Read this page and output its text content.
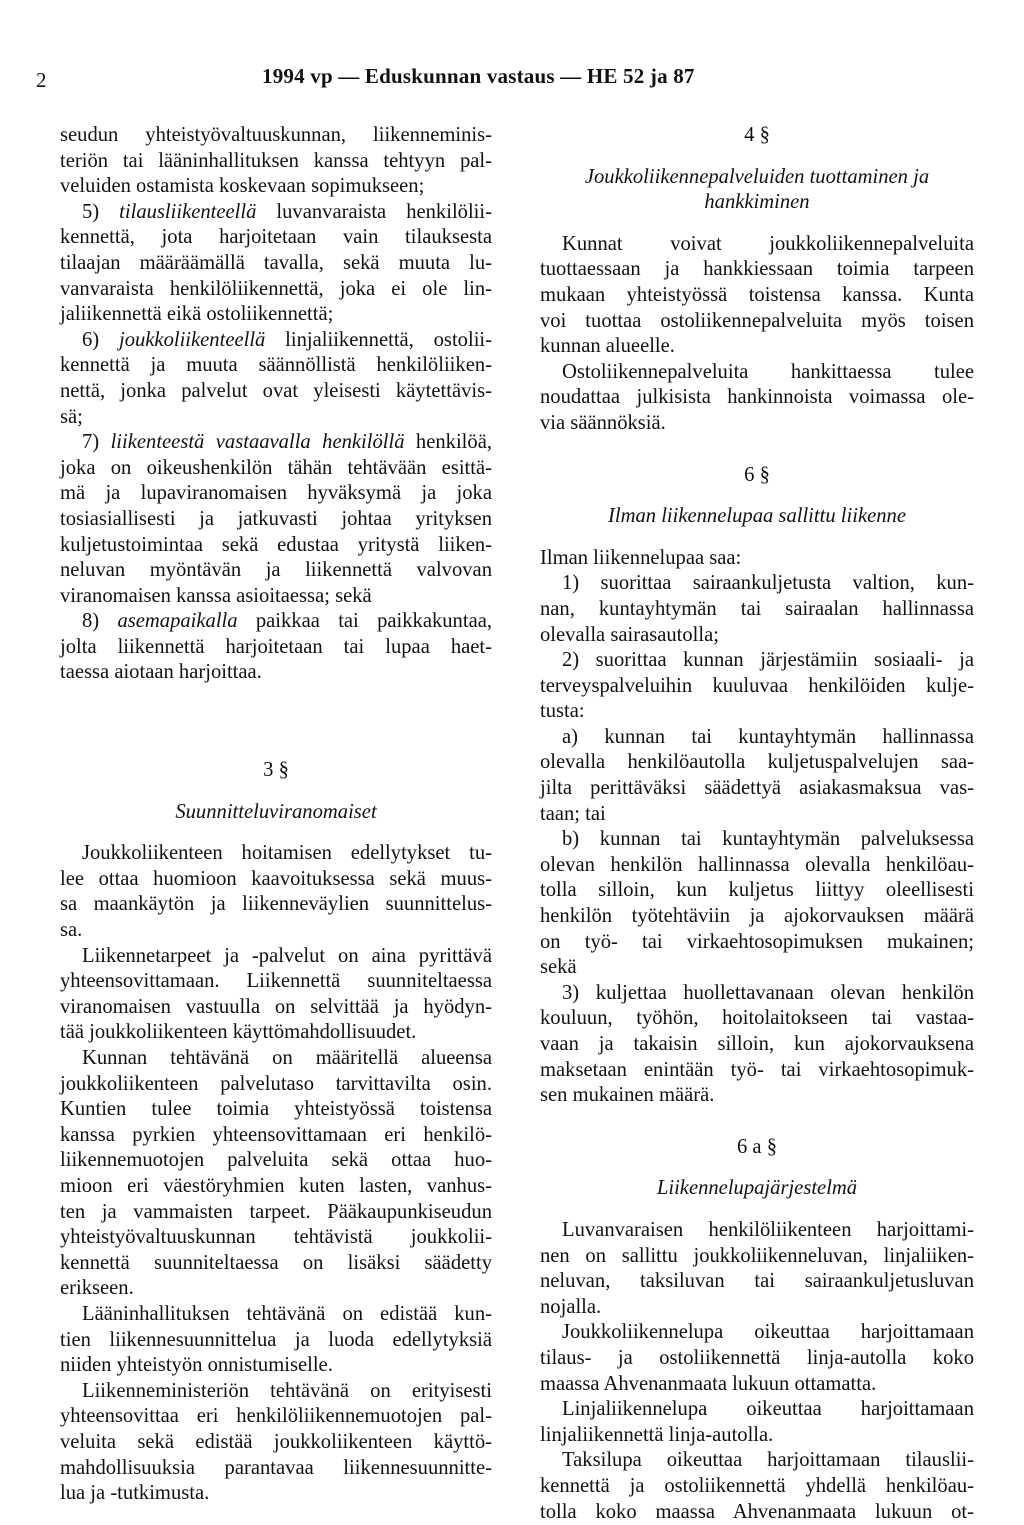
2	1994 vp — Eduskunnan vastaus — HE 52 ja 87
seudun yhteistyövaltuuskunnan, liikenneminis-
teriön tai lääninhallituksen kanssa tehtyyn pal-
veluiden ostamista koskevaan sopimukseen;
5) tilausliikenteellä luvanvaraista henkilölii-
kennettä, jota harjoitetaan vain tilauksesta
tilaajan määräämällä tavalla, sekä muuta lu-
vanvaraista henkilöliikennettä, joka ei ole lin-
jaliikennettä eikä ostoliikennettä;
6) joukkoliikenteellä linjaliikennettä, ostolii-
kennettä ja muuta säännöllistä henkilöliiken-
nettä, jonka palvelut ovat yleisesti käytettävis-
sä;
7) liikenteestä vastaavalla henkilöllä henkilöä,
joka on oikeushenkilön tähän tehtävään esittä-
mä ja lupaviranomaisen hyväksymä ja joka
tosiasiallisesti ja jatkuvasti johtaa yrityksen
kuljetustoimintaa sekä edustaa yritystä liiken-
neluvan myöntävän ja liikennettä valvovan
viranomaisen kanssa asioitaessa; sekä
8) asemapaikalla paikkaa tai paikkakuntaa,
jolta liikennettä harjoitetaan tai lupaa haet-
taessa aiotaan harjoittaa.
3 §
Suunnitteluviranomaiset
Joukkoliikenteen hoitamisen edellytykset tu-
lee ottaa huomioon kaavoituksessa sekä muus-
sa maankäytön ja liikenneväylien suunnittelus-
sa.
Liikennetarpeet ja -palvelut on aina pyrittävä
yhteensovittamaan. Liikennettä suunniteltaessa
viranomaisen vastuulla on selvittää ja hyödyn-
tää joukkoliikenteen käyttömahdollisuudet.
Kunnan tehtävänä on määritellä alueensa
joukkoliikenteen palvelutaso tarvittavilta osin.
Kuntien tulee toimia yhteistyössä toistensa
kanssa pyrkien yhteensovittamaan eri henkilö-
liikennemuotojen palveluita sekä ottaa huo-
mioon eri väestöryhmien kuten lasten, vanhus-
ten ja vammaisten tarpeet. Pääkaupunkiseudun
yhteistyövaltuuskunnan tehtävistä joukkolii-
kennettä suunniteltaessa on lisäksi säädetty
erikseen.
Lääninhallituksen tehtävänä on edistää kun-
tien liikennesuunnittelua ja luoda edellytyksiä
niiden yhteistyön onnistumiselle.
Liikenneministeriön tehtävänä on erityisesti
yhteensovittaa eri henkilöliikennemuotojen pal-
veluita sekä edistää joukkoliikenteen käyttö-
mahdollisuuksia parantavaa liikennesuunnitte-
lua ja -tutkimusta.
4 §
Joukkoliikennepalveluiden tuottaminen ja
hankkiminen
Kunnat voivat joukkoliikennepalveluita
tuottaessaan ja hankkiessaan toimia tarpeen
mukaan yhteistyössä toistensa kanssa. Kunta
voi tuottaa ostoliikennepalveluita myös toisen
kunnan alueelle.
Ostoliikennepalveluita hankittaessa tulee
noudattaa julkisista hankinnoista voimassa ole-
via säännöksiä.
6 §
Ilman liikennelupaa sallittu liikenne
Ilman liikennelupaa saa:
1) suorittaa sairaankuljetusta valtion, kun-
nan, kuntayhtymän tai sairaalan hallinnassa
olevalla sairasautolla;
2) suorittaa kunnan järjestämiin sosiaali- ja
terveyspalveluihin kuuluvaa henkilöiden kulje-
tusta:
a) kunnan tai kuntayhtymän hallinnassa
olevalla henkilöautolla kuljetuspalvelujen saa-
jilta perittäväksi säädettyä asiakasmaksua vas-
taan; tai
b) kunnan tai kuntayhtymän palveluksessa
olevan henkilön hallinnassa olevalla henkilöau-
tolla silloin, kun kuljetus liittyy oleellisesti
henkilön työtehtäviin ja ajokorvauksen määrä
on työ- tai virkaehtosopimuksen mukainen;
sekä
3) kuljettaa huollettavanaan olevan henkilön
kouluun, työhön, hoitolaitokseen tai vastaa-
vaan ja takaisin silloin, kun ajokorvauksena
maksetaan enintään työ- tai virkaehtosopimuk-
sen mukainen määrä.
6 a §
Liikennelupajärjestelmä
Luvanvaraisen henkilöliikenteen harjoittami-
nen on sallittu joukkoliikenneluvan, linjaliiken-
neluvan, taksiluvan tai sairaankuljetusluvan
nojalla.
Joukkoliikennelupa oikeuttaa harjoittamaan
tilaus- ja ostoliikennettä linja-autolla koko
maassa Ahvenanmaata lukuun ottamatta.
Linjaliikennelupa oikeuttaa harjoittamaan
linjaliikennettä linja-autolla.
Taksilupa oikeuttaa harjoittamaan tilauslii-
kennettä ja ostoliikennettä yhdellä henkilöau-
tolla koko maassa Ahvenanmaata lukuun ot-
